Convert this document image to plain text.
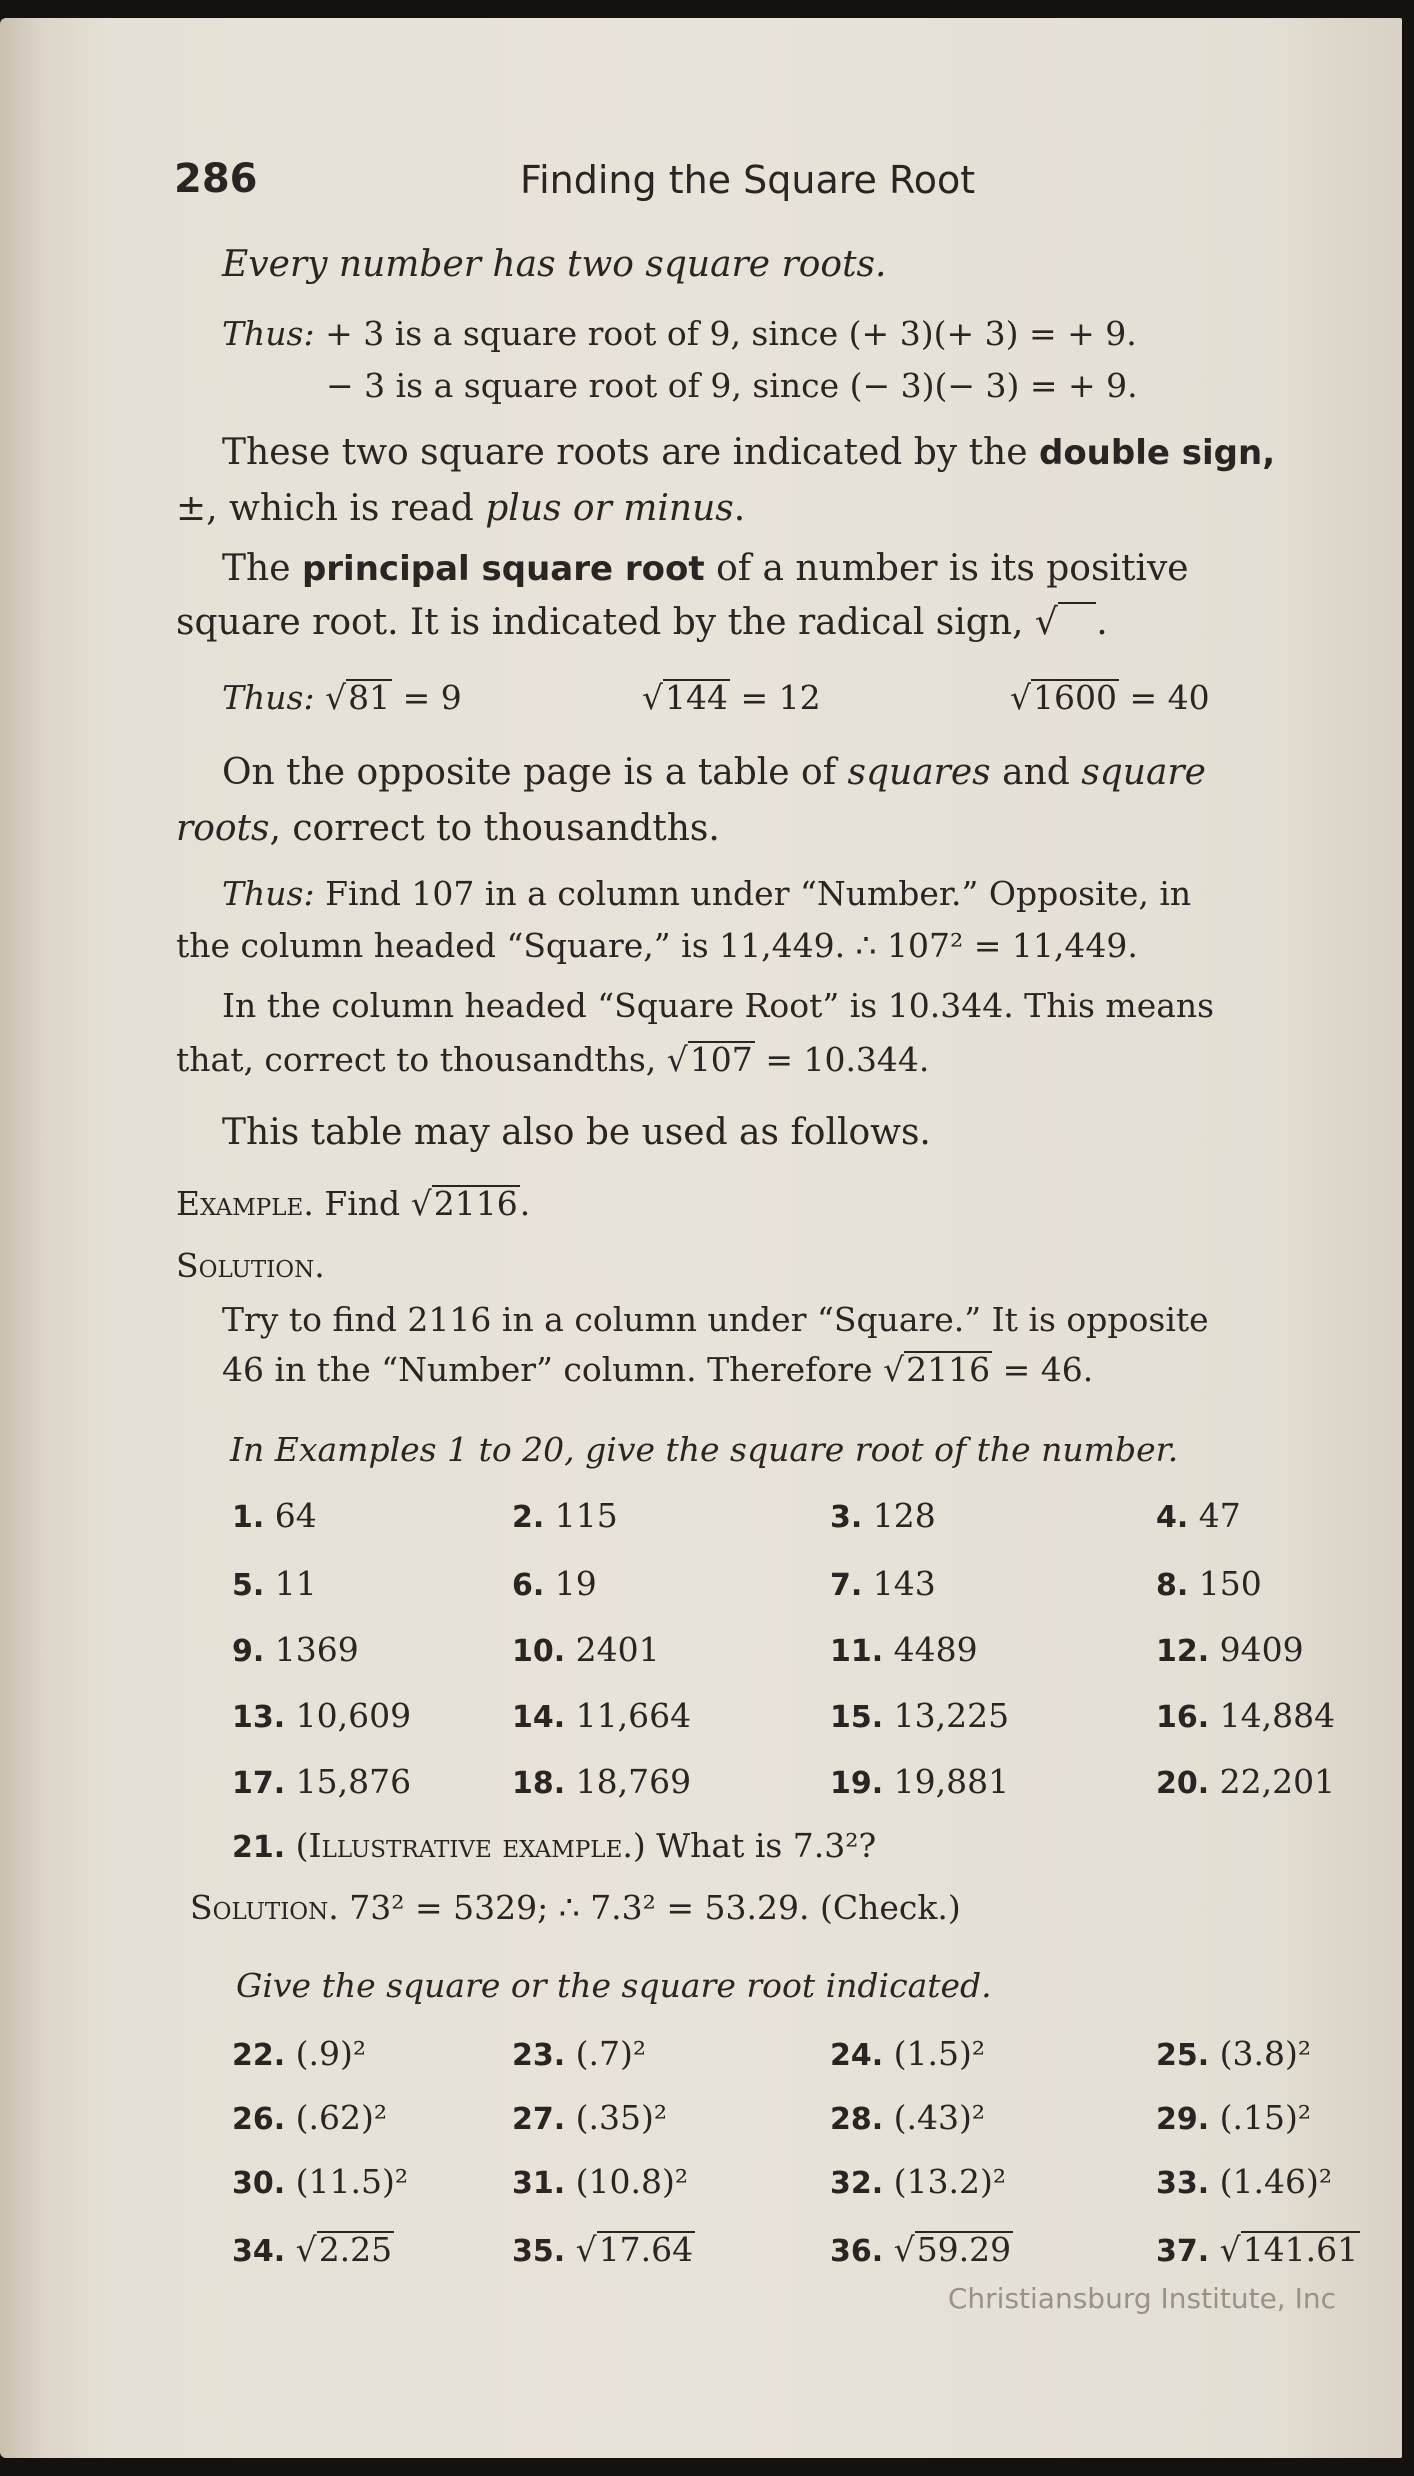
286	Finding the Square Root
Every number has two square roots.
Thus: + 3 is a square root of 9, since (+ 3)(+ 3) = + 9.
− 3 is a square root of 9, since (− 3)(− 3) = + 9.
These two square roots are indicated by the double sign,
±, which is read plus or minus.
The principal square root of a number is its positive
square root. It is indicated by the radical sign, √ .
Thus: √81 = 9	√144 = 12	√1600 = 40
On the opposite page is a table of squares and square
roots, correct to thousandths.
Thus: Find 107 in a column under “Number.” Opposite, in
the column headed “Square,” is 11,449. ∴ 107² = 11,449.
In the column headed “Square Root” is 10.344. This means
that, correct to thousandths, √107 = 10.344.
This table may also be used as follows.
Example. Find √2116.
Solution.
Try to find 2116 in a column under “Square.” It is opposite
46 in the “Number” column. Therefore √2116 = 46.
In Examples 1 to 20, give the square root of the number.
1. 64	2. 115	3. 128	4. 47
5. 11	6. 19	7. 143	8. 150
9. 1369	10. 2401	11. 4489	12. 9409
13. 10,609	14. 11,664	15. 13,225	16. 14,884
17. 15,876	18. 18,769	19. 19,881	20. 22,201
21. (Illustrative example.) What is 7.3²?
Solution. 73² = 5329; ∴ 7.3² = 53.29. (Check.)
Give the square or the square root indicated.
22. (.9)²	23. (.7)²	24. (1.5)²	25. (3.8)²
26. (.62)²	27. (.35)²	28. (.43)²	29. (.15)²
30. (11.5)²	31. (10.8)²	32. (13.2)²	33. (1.46)²
34. √2.25	35. √17.64	36. √59.29	37. √141.61
Christiansburg Institute, Inc
